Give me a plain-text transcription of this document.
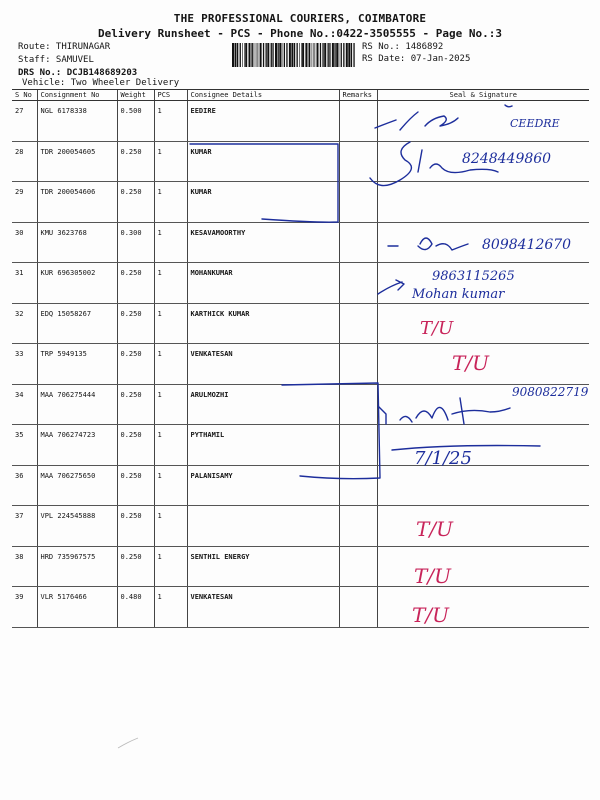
THE PROFESSIONAL COURIERS, COIMBATORE
Delivery Runsheet - PCS - Phone No.:0422-3505555 - Page No.:3
Route: THIRUNAGAR
Staff: SAMUVEL
DRS No.: DCJB148689203
Vehicle: Two Wheeler Delivery
RS No.: 1486892
RS Date: 07-Jan-2025
S No	Consignment No	Weight	PCS	Consignee Details	Remarks	Seal & Signature
27	NGL 6178338	0.500	1	EEDIRE		
28	TDR 200054605	0.250	1	KUMAR		
29	TDR 200054606	0.250	1	KUMAR		
30	KMU 3623768	0.300	1	KESAVAMOORTHY		
31	KUR 696305002	0.250	1	MOHANKUMAR		
32	EDQ 15058267	0.250	1	KARTHICK KUMAR		
33	TRP 5949135	0.250	1	VENKATESAN		
34	MAA 706275444	0.250	1	ARULMOZHI		
35	MAA 706274723	0.250	1	PYTHAMIL		
36	MAA 706275650	0.250	1	PALANISAMY		
37	VPL 224545888	0.250	1			
38	HRD 735967575	0.250	1	SENTHIL ENERGY		
39	VLR 5176466	0.480	1	VENKATESAN		
CEEDRE
8248449860
8098412670
9863115265
Mohan kumar
T/U
T/U
9080822719
7/1/25
T/U
T/U
T/U
